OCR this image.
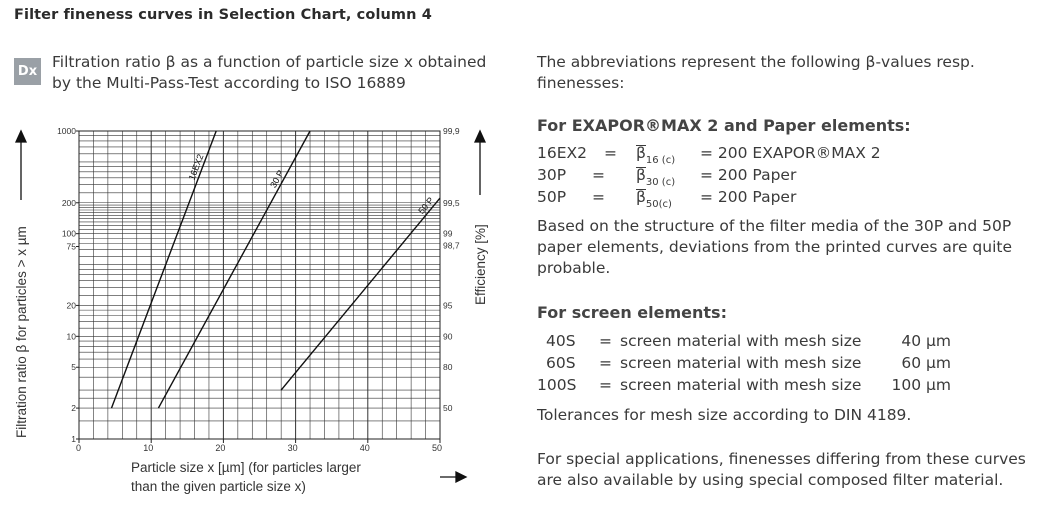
Filter fineness curves in Selection Chart, column 4
Dx
Filtration ratio β as a function of particle size x obtained by the Multi-Pass-Test according to ISO 16889
0	10	20	30	40	50
1
2
5
10
20
75
100
200
1000
50
80
90
95
98,7
99
99,5
99,9
16EX2	30 P
50 P
Filtration ratio β for particles > x µm	Efficiency [%]
Particle size x [µm] (for particles larger
than the given particle size x)
The abbreviations represent the following β-values resp. finenesses:
For EXAPOR®MAX 2 and Paper elements:
$16EX2 = \beta_{16 (c)} = 200$ EXAPOR®MAX 2
$30P = \beta_{30 (c)} = 200$ Paper
$50P = \beta_{50(c)} = 200$ Paper
Based on the structure of the filter media of the 30P and 50P paper elements, deviations from the printed curves are quite probable.
For screen elements:
40S = screen material with mesh size	40 µm
60S = screen material with mesh size	60 µm
100S = screen material with mesh size	100 µm
Tolerances for mesh size according to DIN 4189.
For special applications, finenesses differing from these curves are also available by using special composed filter material.
